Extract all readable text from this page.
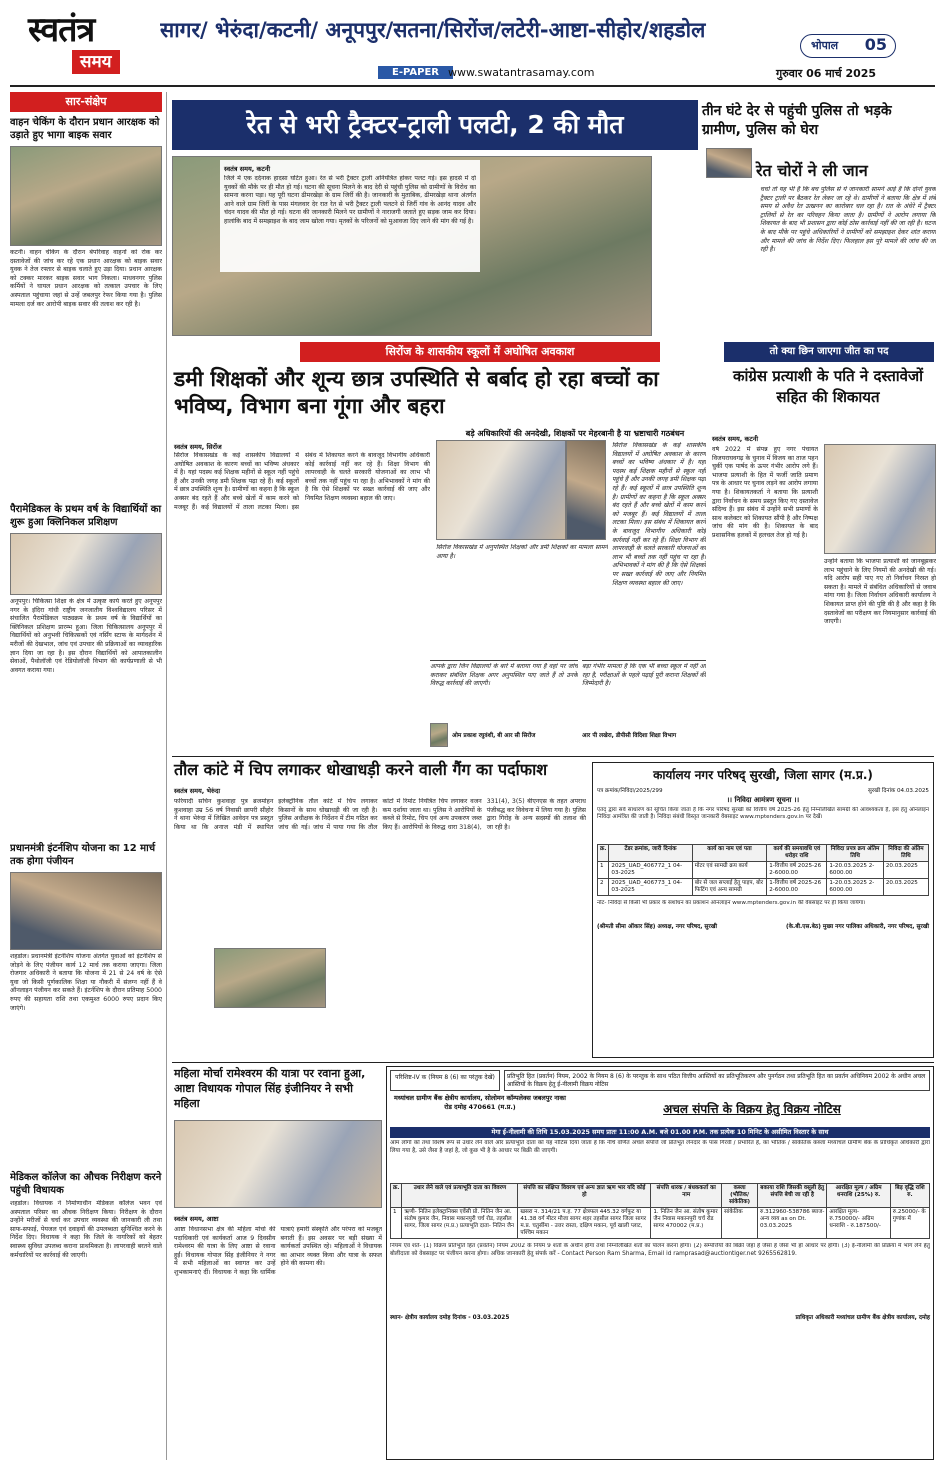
स्वतंत्र
समय
सागर/ भेरुंदा/कटनी/ अनूपपुर/सतना/सिरोंज/लटेरी-आष्टा-सीहोर/शहडोल
भोपाल 05
E-PAPER www.swatantrasamay.com	गुरुवार 06 मार्च 2025
सार-संक्षेप
वाहन चेकिंग के दौरान प्रधान आरक्षक को उड़ाते हुए भागा बाइक सवार
कटनी। वाहन चेकिंग के दौरान बेपरिवाह वाहनों को रोक कर दस्तावेजों की जांच कर रहे एक प्रधान आरक्षक को बाइक सवार युवक ने तेज रफ्तार से बाइक चलाते हुए उड़ा दिया। प्रधान आरक्षक को टक्कर मारकर बाइक सवार भाग निकला। माधवनगर पुलिस कर्मियों ने घायल प्रधान आरक्षक को तत्काल उपचार के लिए अस्पताल पहुंचाया जहां से उन्हें जबलपुर रेफर किया गया है। पुलिस मामला दर्ज कर आरोपी बाइक सवार की तलाश कर रही है।
पैरामेडिकल के प्रथम वर्ष के विद्यार्थियों का शुरू हुआ क्लिनिकल प्रशिक्षण
अनूपपुर। चिकित्सा शिक्षा के क्षेत्र में उत्कृष्ट कार्य करते हुए अनूपपुर नगर के इंदिरा गांधी राष्ट्रीय जनजातीय विश्वविद्यालय परिसर में संचालित पैरामेडिकल पाठ्यक्रम के प्रथम वर्ष के विद्यार्थियों का क्लिनिकल प्रशिक्षण प्रारम्भ हुआ। जिला चिकित्सालय अनूपपुर में विद्यार्थियों को अनुभवी चिकित्सकों एवं नर्सिंग स्टाफ के मार्गदर्शन में मरीजों की देखभाल, जांच एवं उपचार की प्रक्रियाओं का व्यावहारिक ज्ञान दिया जा रहा है। इस दौरान विद्यार्थियों को आपातकालीन सेवाओं, पैथोलॉजी एवं रेडियोलॉजी विभाग की कार्यप्रणाली से भी अवगत कराया गया।
प्रधानमंत्री इंटर्नशिप योजना का 12 मार्च तक होगा पंजीयन
शहडोल। प्रधानमंत्री इंटर्नशिप योजना अंतर्गत युवाओं को इंटर्नशिप से जोड़ने के लिए पंजीयन कार्य 12 मार्च तक कराया जाएगा। जिला रोजगार अधिकारी ने बताया कि योजना में 21 से 24 वर्ष के ऐसे युवा जो किसी पूर्णकालिक शिक्षा या नौकरी में संलग्न नहीं हैं वे ऑनलाइन पंजीयन कर सकते हैं। इंटर्नशिप के दौरान प्रतिमाह 5000 रुपए की सहायता राशि तथा एकमुश्त 6000 रुपए प्रदान किए जाएंगे।
मेडिकल कॉलेज का औचक निरीक्षण करने पहुंची विधायक
शहडोल। विधायक ने निर्माणाधीन मेडिकल कॉलेज भवन एवं अस्पताल परिसर का औचक निरीक्षण किया। निरीक्षण के दौरान उन्होंने मरीजों से चर्चा कर उपचार व्यवस्था की जानकारी ली तथा साफ-सफाई, पेयजल एवं दवाइयों की उपलब्धता सुनिश्चित करने के निर्देश दिए। विधायक ने कहा कि जिले के नागरिकों को बेहतर स्वास्थ्य सुविधा उपलब्ध कराना प्राथमिकता है। लापरवाही बरतने वाले कर्मचारियों पर कार्रवाई की जाएगी।
रेत से भरी ट्रैक्टर-ट्राली पलटी, 2 की मौत	तीन घंटे देर से पहुंची पुलिस तो भड़के ग्रामीण, पुलिस को घेरा
स्वतंत्र समय, कटनी
जिले में एक दर्दनाक हादसा घटित हुआ। रेत से भरी ट्रैक्टर ट्राली अनियंत्रित होकर पलट गई। इस हादसे में दो युवकों की मौके पर ही मौत हो गई। घटना की सूचना मिलने के बाद देरी से पहुंची पुलिस को ग्रामीणों के विरोध का सामना करना पड़ा। यह पूरी घटना ढीमरखेड़ा के ग्राम जिर्री की है। जानकारी के मुताबिक, ढीमरखेड़ा थाना अंतर्गत आने वाले ग्राम जिर्री के पास मंगलवार देर रात रेत से भरी ट्रैक्टर ट्राली पलटने से जिर्री गांव के आनंद यादव और चंदन यादव की मौत हो गई। घटना की जानकारी मिलने पर ग्रामीणों ने नाराजगी जताते हुए सड़क जाम कर दिया। हालांकि बाद में समझाइश के बाद जाम खोला गया। मृतकों के परिजनों को मुआवजा दिए जाने की मांग की गई है।
रेत चोरों ने ली जान
चर्चा तो यह भी है कि बच पुलिस से ये जानकारी सामने आई है कि दोनों युवक ट्रैक्टर ट्राली पर बैठकर रेत लेकर जा रहे थे। ग्रामीणों ने बताया कि क्षेत्र में लंबे समय से अवैध रेत उत्खनन का कारोबार चल रहा है। रात के अंधेरे में ट्रैक्टर ट्रालियों से रेत का परिवहन किया जाता है। ग्रामीणों ने आरोप लगाया कि शिकायत के बाद भी प्रशासन द्वारा कोई ठोस कार्रवाई नहीं की जा रही है। घटना के बाद मौके पर पहुंचे अधिकारियों ने ग्रामीणों को समझाइश देकर शांत कराया और मामले की जांच के निर्देश दिए। फिलहाल इस पूरे मामले की जांच की जा रही है।
सिरोंज के शासकीय स्कूलों में अघोषित अवकाश
डमी शिक्षकों और शून्य छात्र उपस्थिति से बर्बाद हो रहा बच्चों का भविष्य, विभाग बना गूंगा और बहरा
बड़े अधिकारियों की अनदेखी, शिक्षकों पर मेहरबानी है या भ्रष्टाचारी गठबंधन
स्वतंत्र समय, सिरोंज
सिरोंज विकासखंड के कई शासकीय विद्यालयों में अघोषित अवकाश के कारण बच्चों का भविष्य अंधकार में है। यहां पदस्थ कई शिक्षक महीनों से स्कूल नहीं पहुंचे हैं और उनकी जगह डमी शिक्षक पढ़ा रहे हैं। कई स्कूलों में छात्र उपस्थिति शून्य है। ग्रामीणों का कहना है कि स्कूल अक्सर बंद रहते हैं और बच्चे खेतों में काम करने को मजबूर हैं। कई विद्यालयों में ताला लटका मिला। इस संबंध में शिकायत करने के बावजूद विभागीय अधिकारी कोई कार्रवाई नहीं कर रहे हैं। शिक्षा विभाग की लापरवाही के चलते सरकारी योजनाओं का लाभ भी बच्चों तक नहीं पहुंच पा रहा है। अभिभावकों ने मांग की है कि ऐसे शिक्षकों पर सख्त कार्रवाई की जाए और नियमित शिक्षण व्यवस्था बहाल की जाए।
सिरोंज विकासखंड में अनुपस्थित शिक्षकों और डमी शिक्षकों का मामला सामने आया है।
सिरोंज विकासखंड के कई शासकीय विद्यालयों में अघोषित अवकाश के कारण बच्चों का भविष्य अंधकार में है। यहां पदस्थ कई शिक्षक महीनों से स्कूल नहीं पहुंचे हैं और उनकी जगह डमी शिक्षक पढ़ा रहे हैं। कई स्कूलों में छात्र उपस्थिति शून्य है। ग्रामीणों का कहना है कि स्कूल अक्सर बंद रहते हैं और बच्चे खेतों में काम करने को मजबूर हैं। कई विद्यालयों में ताला लटका मिला। इस संबंध में शिकायत करने के बावजूद विभागीय अधिकारी कोई कार्रवाई नहीं कर रहे हैं। शिक्षा विभाग की लापरवाही के चलते सरकारी योजनाओं का लाभ भी बच्चों तक नहीं पहुंच पा रहा है। अभिभावकों ने मांग की है कि ऐसे शिक्षकों पर सख्त कार्रवाई की जाए और नियमित शिक्षण व्यवस्था बहाल की जाए।
आपके द्वारा जिन विद्यालयों के बारे में बताया गया है वहां पर जांच कराकर संबंधित शिक्षक अगर अनुपस्थित पाए जाते हैं तो उनके विरुद्ध कार्रवाई की जाएगी।
ओम प्रकाश रघुवंशी, बी आर सी सिरोंज
बड़ा गंभीर मामला है कि एक भी बच्चा स्कूल में नहीं आ रहा है, परीक्षाओं के पहले पढ़ाई पूरी कराना शिक्षकों की जिम्मेदारी है।
आर पी लखेरा, डीपीसी विदिशा शिक्षा विभाग
तो क्या छिन जाएगा जीत का पद
कांग्रेस प्रत्याशी के पति ने दस्तावेजों सहित की शिकायत
स्वतंत्र समय, कटनी
वर्ष 2022 में संपन्न हुए नगर पंचायत विजयराघवगढ़ के चुनाव में विजय का ताज पहन चुकीं एक पार्षद के ऊपर गंभीर आरोप लगे हैं। भाजपा प्रत्याशी के हित में फर्जी जाति प्रमाण पत्र के आधार पर चुनाव लड़ने का आरोप लगाया गया है। शिकायतकर्ता ने बताया कि प्रत्याशी द्वारा निर्वाचन के समय प्रस्तुत किए गए दस्तावेज संदिग्ध हैं। इस संबंध में उन्होंने सभी प्रमाणों के साथ कलेक्टर को शिकायत सौंपी है और निष्पक्ष जांच की मांग की है। शिकायत के बाद प्रशासनिक हलकों में हलचल तेज हो गई है।
उन्होंने बताया कि भाजपा प्रत्याशी को जानबूझकर लाभ पहुंचाने के लिए नियमों की अनदेखी की गई। यदि आरोप सही पाए गए तो निर्वाचन निरस्त हो सकता है। मामले में संबंधित अधिकारियों से जवाब मांगा गया है। जिला निर्वाचन अधिकारी कार्यालय ने शिकायत प्राप्त होने की पुष्टि की है और कहा है कि दस्तावेजों का परीक्षण कर नियमानुसार कार्रवाई की जाएगी।
तौल कांटे में चिप लगाकर धोखाधड़ी करने वाली गैंग का पर्दाफाश
स्वतंत्र समय, भेरुंदा
फरियादी सचिन कुशवाहा पुत्र ब्रजमोहन कुशवाहा उम्र 56 वर्ष निवासी छापरी सीहोर ने थाना भेरुंदा में लिखित आवेदन पत्र प्रस्तुत किया था कि अनाज मंडी में स्थापित इलेक्ट्रॉनिक तौल कांटे में चिप लगाकर किसानों के साथ धोखाधड़ी की जा रही है। पुलिस अधीक्षक के निर्देशन में टीम गठित कर जांच की गई। जांच में पाया गया कि तौल कांटों में रिमोट नियंत्रित चिप लगाकर वजन कम दर्शाया जाता था। पुलिस ने आरोपियों के कब्जे से रिमोट, चिप एवं अन्य उपकरण जब्त किए हैं। आरोपियों के विरुद्ध धारा 318(4), 331(4), 3(5) बीएनएस के तहत अपराध पंजीबद्ध कर विवेचना में लिया गया है। पुलिस द्वारा गिरोह के अन्य सदस्यों की तलाश की जा रही है।
कार्यालय नगर परिषद् सुरखी, जिला सागर (म.प्र.)
पत्र क्रमांक/निविदा/2025/299	सुरखी दिनांक 04.03.2025
।। निविदा आमंत्रण सूचना ।।
एतद् द्वारा सर्व साधारण को सूचित किया जाता है कि नगर परिषद सुरखी को वित्तीय वर्ष 2025-26 हेतु निम्नलिखित सामग्री की आवश्यकता है, इस हेतु ऑनलाइन निविदा आमंत्रित की जाती है। निविदा संबंधी विस्तृत जानकारी वेबसाइट www.mptenders.gov.in पर देखें।
क्र.	टेंडर क्रमांक, जारी दिनांक	कार्य का नाम एवं पता	कार्य की समयावधि एवं धरोहर राशि	निविदा प्रपत्र क्रय अंतिम तिथि	निविदा की अंतिम तिथि
1	2025_UAD_406772_1 04-03-2025	मोटर एवं सामग्री क्रय कार्य	1-वित्तीय वर्ष 2025-26 2-6000.00	1-20.03.2025 2-6000.00	20.03.2025
2	2025_UAD_406773_1 04-03-2025	बोर से जल सप्लाई हेतु पाइप, बोर फिटिंग एवं अन्य सामग्री	1-वित्तीय वर्ष 2025-26 2-6000.00	1-20.03.2025 2-6000.00	20.03.2025
नोट- निविदा से किसी भी प्रकार के संशोधन का प्रकाशन ऑनलाइन www.mptenders.gov.in की वेबसाइट पर ही किया जायेगा।
(श्रीमती सीमा ऑकार सिंह) अध्यक्ष, नगर परिषद, सुरखी	(के.बी.एस.बेठ) मुख्य नगर पालिका अधिकारी, नगर परिषद, सुरखी
महिला मोर्चा रामेश्वरम की यात्रा पर रवाना हुआ, आष्टा विधायक गोपाल सिंह इंजीनियर ने सभी महिला
स्वतंत्र समय, आष्टा
आष्टा विधानसभा क्षेत्र की महिला मोर्चा की पदाधिकारी एवं कार्यकर्ता आज 9 दिवसीय रामेश्वरम की यात्रा के लिए आष्टा से रवाना हुईं। विधायक गोपाल सिंह इंजीनियर ने नगर में सभी महिलाओं का स्वागत कर उन्हें शुभकामनाएं दीं। विधायक ने कहा कि धार्मिक यात्राएं हमारी संस्कृति और परंपरा को मजबूत बनाती हैं। इस अवसर पर बड़ी संख्या में कार्यकर्ता उपस्थित रहे। महिलाओं ने विधायक का आभार व्यक्त किया और यात्रा के सफल होने की कामना की।
परिशिष्ट-IV क (नियम 8 (6) का परंतुक देखें)	प्रतिभूति हित (प्रवर्तन) नियम, 2002 के नियम 8 (6) के परन्तुक के साथ पठित वित्तीय आस्तियों का प्रतिभूतिकरण और पुनर्गठन तथा प्रतिभूति हित का प्रवर्तन अधिनियम 2002 के अधीन अचल आस्तियों के विक्रय हेतु ई-नीलामी विक्रय नोटिस
मध्यांचल ग्रामीण बैंक क्षेत्रीय कार्यालय, सोलोमन कॉम्पलेक्स जबलपुर नाका रोड दमोह 470661 (म.प्र.)	अचल संपत्ति के विक्रय हेतु विक्रय नोटिस
मेगा ई-नीलामी की तिथि 15.03.2025 समय प्रातः 11:00 A.M. बजे 01.00 P.M. तक प्रत्येक 10 मिनिट के असीमित विस्तार के साथ
आम लोगों को तथा विशेष रूप से उधार लेने वाले और प्रत्याभूति दाता को यह नोटिस दिया जाता है कि नीचे वर्णित अचल संपत्ति जो प्रतिभूत लेनदार के पास गिरवी / प्रभारित है, का भौतिक / सांकेतिक कब्जा मध्यांचल ग्रामीण बैंक के प्राधिकृत अधिकारी द्वारा लिया गया है, उसे जैसा है जहां है, जो कुछ भी है के आधार पर बिक्री की जाएगी।
क्र.	उधार लेने वाले एवं प्रत्याभूति दाता का विवरण	संपत्ति का संक्षिप्त विवरण एवं अन्य ज्ञात ऋण भार यदि कोई हो	संपत्ति धारक / बंधककर्ता का नाम	कब्जा (भौतिक/ सांकेतिक)	बकाया राशि जिसकी वसूली हेतु संपत्ति बेची जा रही है	आरक्षित मूल्य / अग्रिम धनराशि (25%) रु.	बिड़ वृद्धि राशि रु.
1	ऋणी- नितिन इलेक्ट्रानिक्स एवेंसी प्रो. नितिन जैन आ. संतोष कुमार जैन, निवास मकानपुरी चर्च रोड, तहसील सागर, जिला सागर (म.प्र.) प्रत्याभूति दाता- नितिन जैन	खसरा न. 314/21 प.ह. 77 क्षेत्रफल 445.32 वर्गफुट या 41.38 वर्ग मीटर मौजा सागर शहर तहसील सागर जिला सागर म.प्र. चतुर्सीमा - उत्तर रास्ता, दक्षिण मकान, पूर्व खाली प्लाट, पश्चिम मकान	1. नितिन जैन आ. संतोष कुमार जैन निवास मकानपुरी चर्च रोड सागर 470002 (म.प्र.)	सांकेतिक	रु.312960-538786 ब्याज- अन्य व्यय as on Dt. 03.03.2025	आरक्षित मूल्य- रु.750000/- अग्रिम धनराशि - रु.187500/-	रु.25000/- के गुणांक में
नियम एवं शर्तें- (1) विक्रय प्रतिभूति हित (प्रवर्तन) नियम 2002 के नियम 9 शर्तों के अधीन होगा तथा निम्नलिखित शर्तों का पालन करना होगा। (2) सम्पत्तियों की बिक्री जहां है जैसा है जैसा भी हो आधार पर होगी। (3) ई-नीलामी की प्रक्रिया में भाग लेने हेतु बोलीदाता को वेबसाइट पर पंजीयन करना होगा। अधिक जानकारी हेतु संपर्क करें - Contact Person Ram Sharma, Email id ramprasad@auctiontiger.net 9265562819.
स्थान- क्षेत्रीय कार्यालय दमोह दिनांक - 03.03.2025	प्राधिकृत अधिकारी मध्यांचल ग्रामीण बैंक क्षेत्रीय कार्यालय, दमोह
